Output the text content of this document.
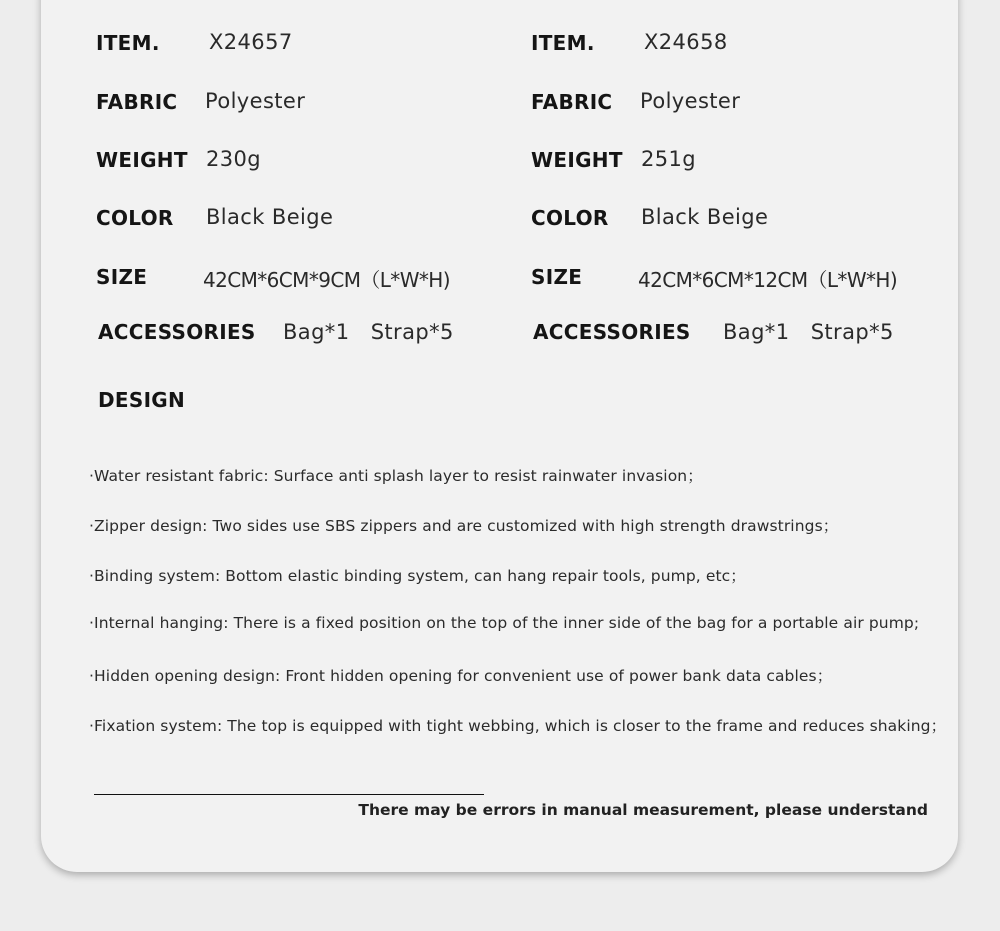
ITEM. X24657
FABRIC Polyester
WEIGHT 230g
COLOR Black Beige
SIZE	42CM*6CM*9CM（L*W*H)
ACCESSORIES Bag*1   Strap*5
ITEM. X24658
FABRIC Polyester
WEIGHT 251g
COLOR Black Beige
SIZE	42CM*6CM*12CM（L*W*H)
ACCESSORIES Bag*1   Strap*5
DESIGN
·Water resistant fabric: Surface anti splash layer to resist rainwater invasion；
·Zipper design: Two sides use SBS zippers and are customized with high strength drawstrings；
·Binding system: Bottom elastic binding system, can hang repair tools, pump, etc；
·Internal hanging: There is a fixed position on the top of the inner side of the bag for a portable air pump;
·Hidden opening design: Front hidden opening for convenient use of power bank data cables；
·Fixation system: The top is equipped with tight webbing, which is closer to the frame and reduces shaking；
There may be errors in manual measurement, please understand
